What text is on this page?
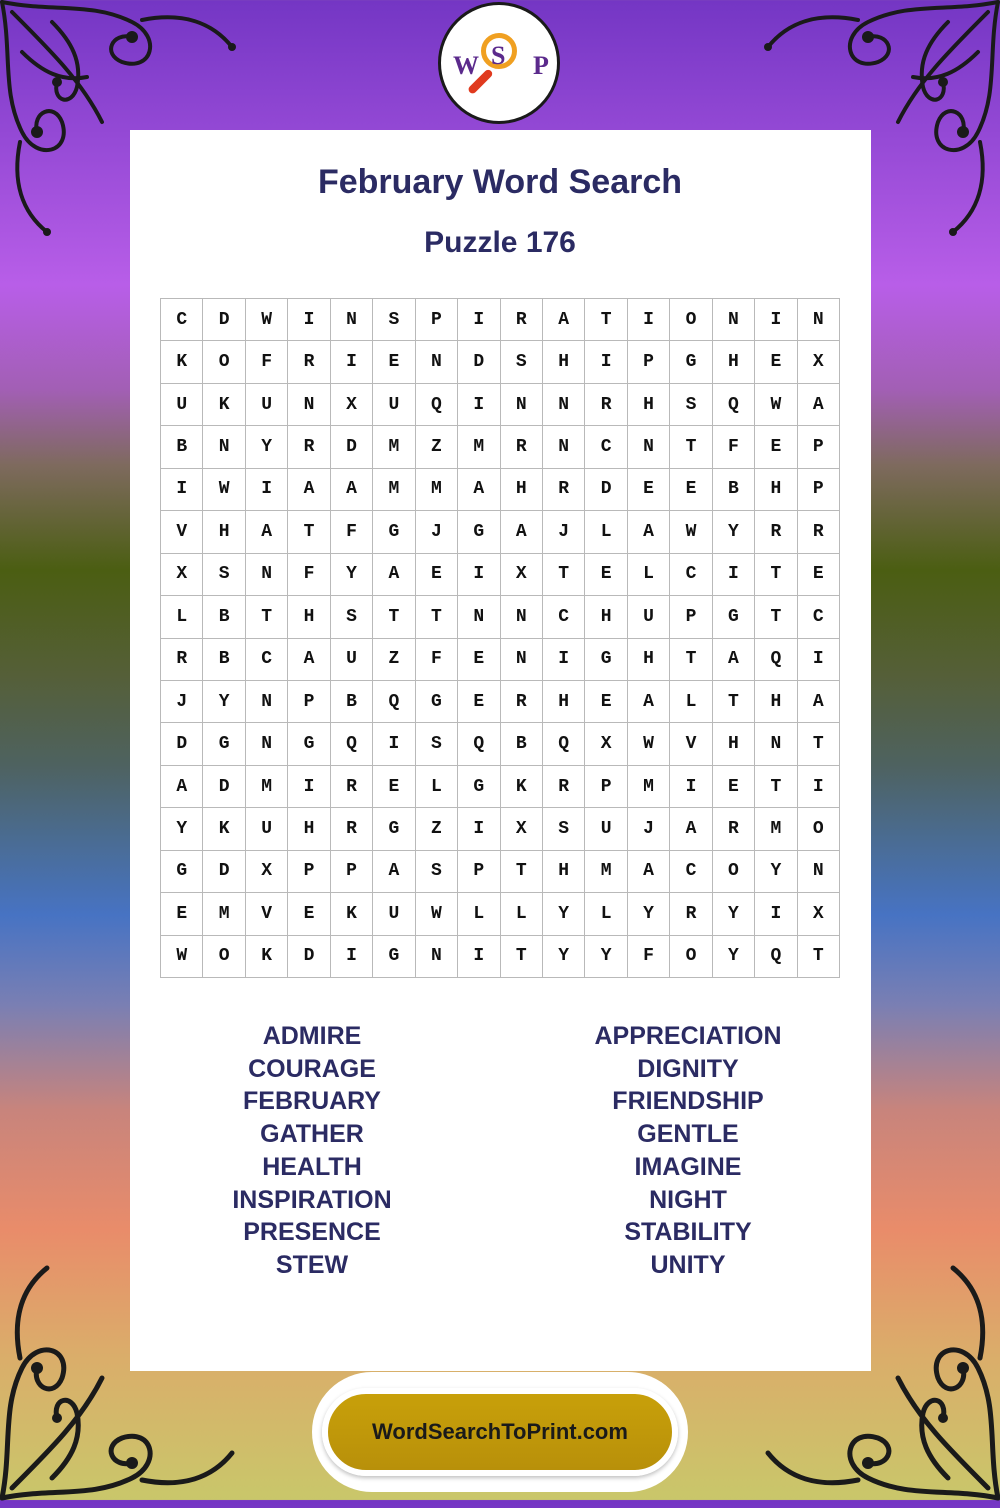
W S P
February Word Search
Puzzle 176
C	D	W	I	N	S	P	I	R	A	T	I	O	N	I	N
K	O	F	R	I	E	N	D	S	H	I	P	G	H	E	X
U	K	U	N	X	U	Q	I	N	N	R	H	S	Q	W	A
B	N	Y	R	D	M	Z	M	R	N	C	N	T	F	E	P
I	W	I	A	A	M	M	A	H	R	D	E	E	B	H	P
V	H	A	T	F	G	J	G	A	J	L	A	W	Y	R	R
X	S	N	F	Y	A	E	I	X	T	E	L	C	I	T	E
L	B	T	H	S	T	T	N	N	C	H	U	P	G	T	C
R	B	C	A	U	Z	F	E	N	I	G	H	T	A	Q	I
J	Y	N	P	B	Q	G	E	R	H	E	A	L	T	H	A
D	G	N	G	Q	I	S	Q	B	Q	X	W	V	H	N	T
A	D	M	I	R	E	L	G	K	R	P	M	I	E	T	I
Y	K	U	H	R	G	Z	I	X	S	U	J	A	R	M	O
G	D	X	P	P	A	S	P	T	H	M	A	C	O	Y	N
E	M	V	E	K	U	W	L	L	Y	L	Y	R	Y	I	X
W	O	K	D	I	G	N	I	T	Y	Y	F	O	Y	Q	T
ADMIRE
COURAGE
FEBRUARY
GATHER
HEALTH
INSPIRATION
PRESENCE
STEW
APPRECIATION
DIGNITY
FRIENDSHIP
GENTLE
IMAGINE
NIGHT
STABILITY
UNITY
WordSearchToPrint.com
